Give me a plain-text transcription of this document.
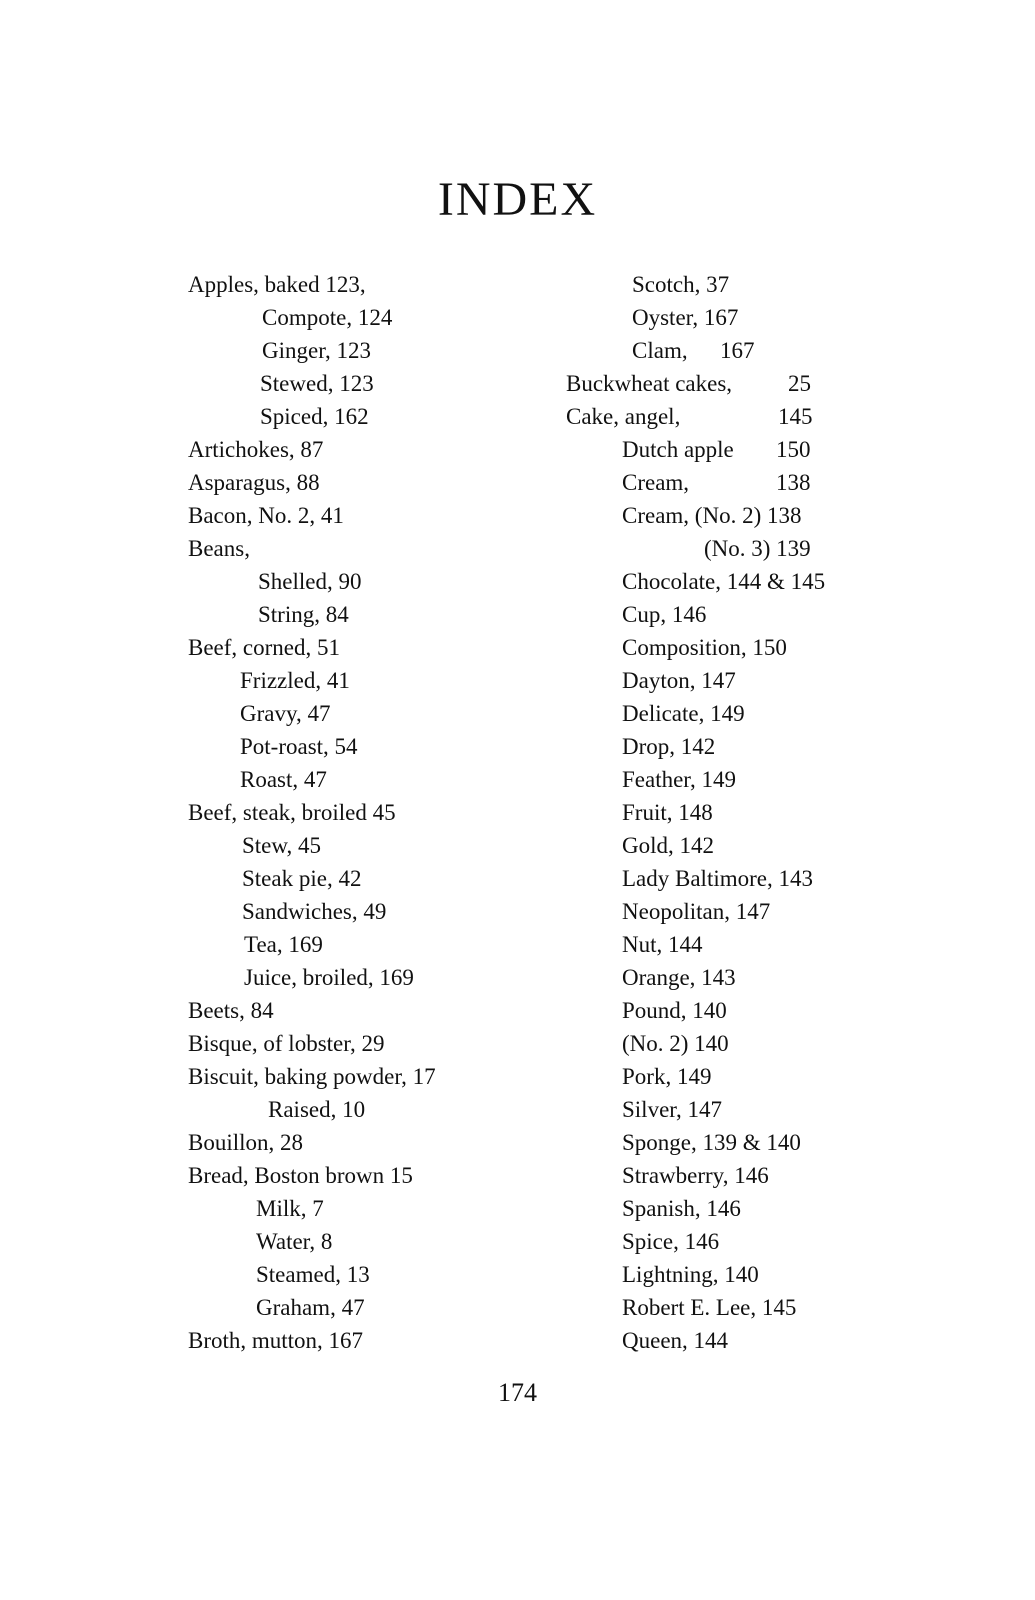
INDEX
Apples, baked 123,
Compote, 124
Ginger, 123
Stewed, 123
Spiced, 162
Artichokes, 87
Asparagus, 88
Bacon, No. 2, 41
Beans,
Shelled, 90
String, 84
Beef, corned, 51
Frizzled, 41
Gravy, 47
Pot-roast, 54
Roast, 47
Beef, steak, broiled 45
Stew, 45
Steak pie, 42
Sandwiches, 49
Tea, 169
Juice, broiled, 169
Beets, 84
Bisque, of lobster, 29
Biscuit, baking powder, 17
Raised, 10
Bouillon, 28
Bread, Boston brown 15
Milk, 7
Water, 8
Steamed, 13
Graham, 47
Broth, mutton, 167
Scotch, 37
Oyster, 167
Clam, 167
Buckwheat cakes, 25
Cake, angel,	145
Dutch apple 150
Cream,	138
Cream, (No. 2) 138
(No. 3) 139
Chocolate, 144 & 145
Cup, 146
Composition, 150
Dayton, 147
Delicate, 149
Drop, 142
Feather, 149
Fruit, 148
Gold, 142
Lady Baltimore, 143
Neopolitan, 147
Nut, 144
Orange, 143
Pound, 140
(No. 2) 140
Pork, 149
Silver, 147
Sponge, 139 & 140
Strawberry, 146
Spanish, 146
Spice, 146
Lightning, 140
Robert E. Lee, 145
Queen, 144
174
